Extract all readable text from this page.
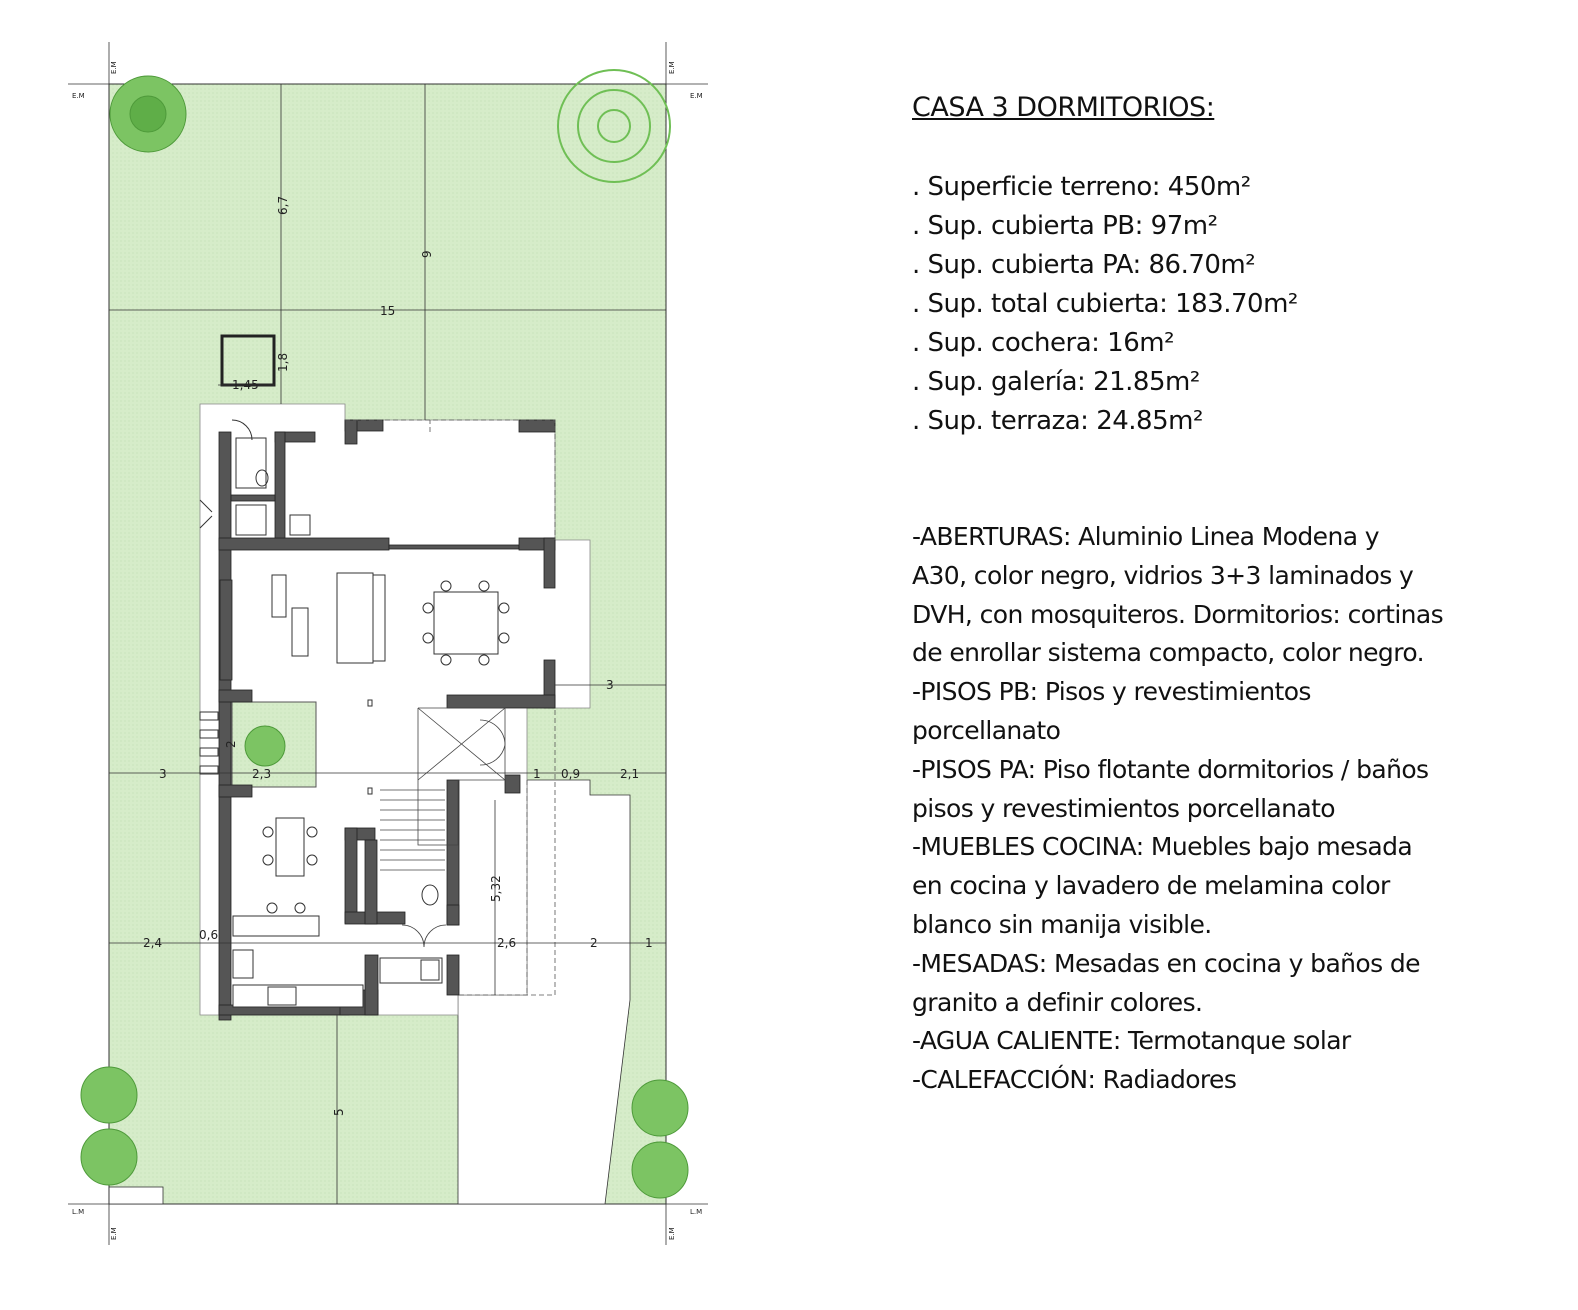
6,7
9
15
1,45
1,8
3
2
3	2,3	1 0,9	2,1
5,32
2,4
0,6
2,6	2	1
5
E.M	E.M
E.M	E.M
L.M	L.M
E.M	E.M
CASA 3 DORMITORIOS:
. Superficie terreno: 450m²
. Sup. cubierta PB: 97m²
. Sup. cubierta PA: 86.70m²
. Sup. total cubierta: 183.70m²
. Sup. cochera: 16m²
. Sup. galería: 21.85m²
. Sup. terraza: 24.85m²
-ABERTURAS: Aluminio Linea Modena y
A30, color negro, vidrios 3+3 laminados y
DVH, con mosquiteros. Dormitorios: cortinas
de enrollar sistema compacto, color negro.
-PISOS PB: Pisos y revestimientos
porcellanato
-PISOS PA: Piso flotante dormitorios / baños
pisos y revestimientos porcellanato
-MUEBLES COCINA: Muebles bajo mesada
en cocina y lavadero de melamina color
blanco sin manija visible.
-MESADAS: Mesadas en cocina y baños de
granito a definir colores.
-AGUA CALIENTE: Termotanque solar
-CALEFACCIÓN: Radiadores
